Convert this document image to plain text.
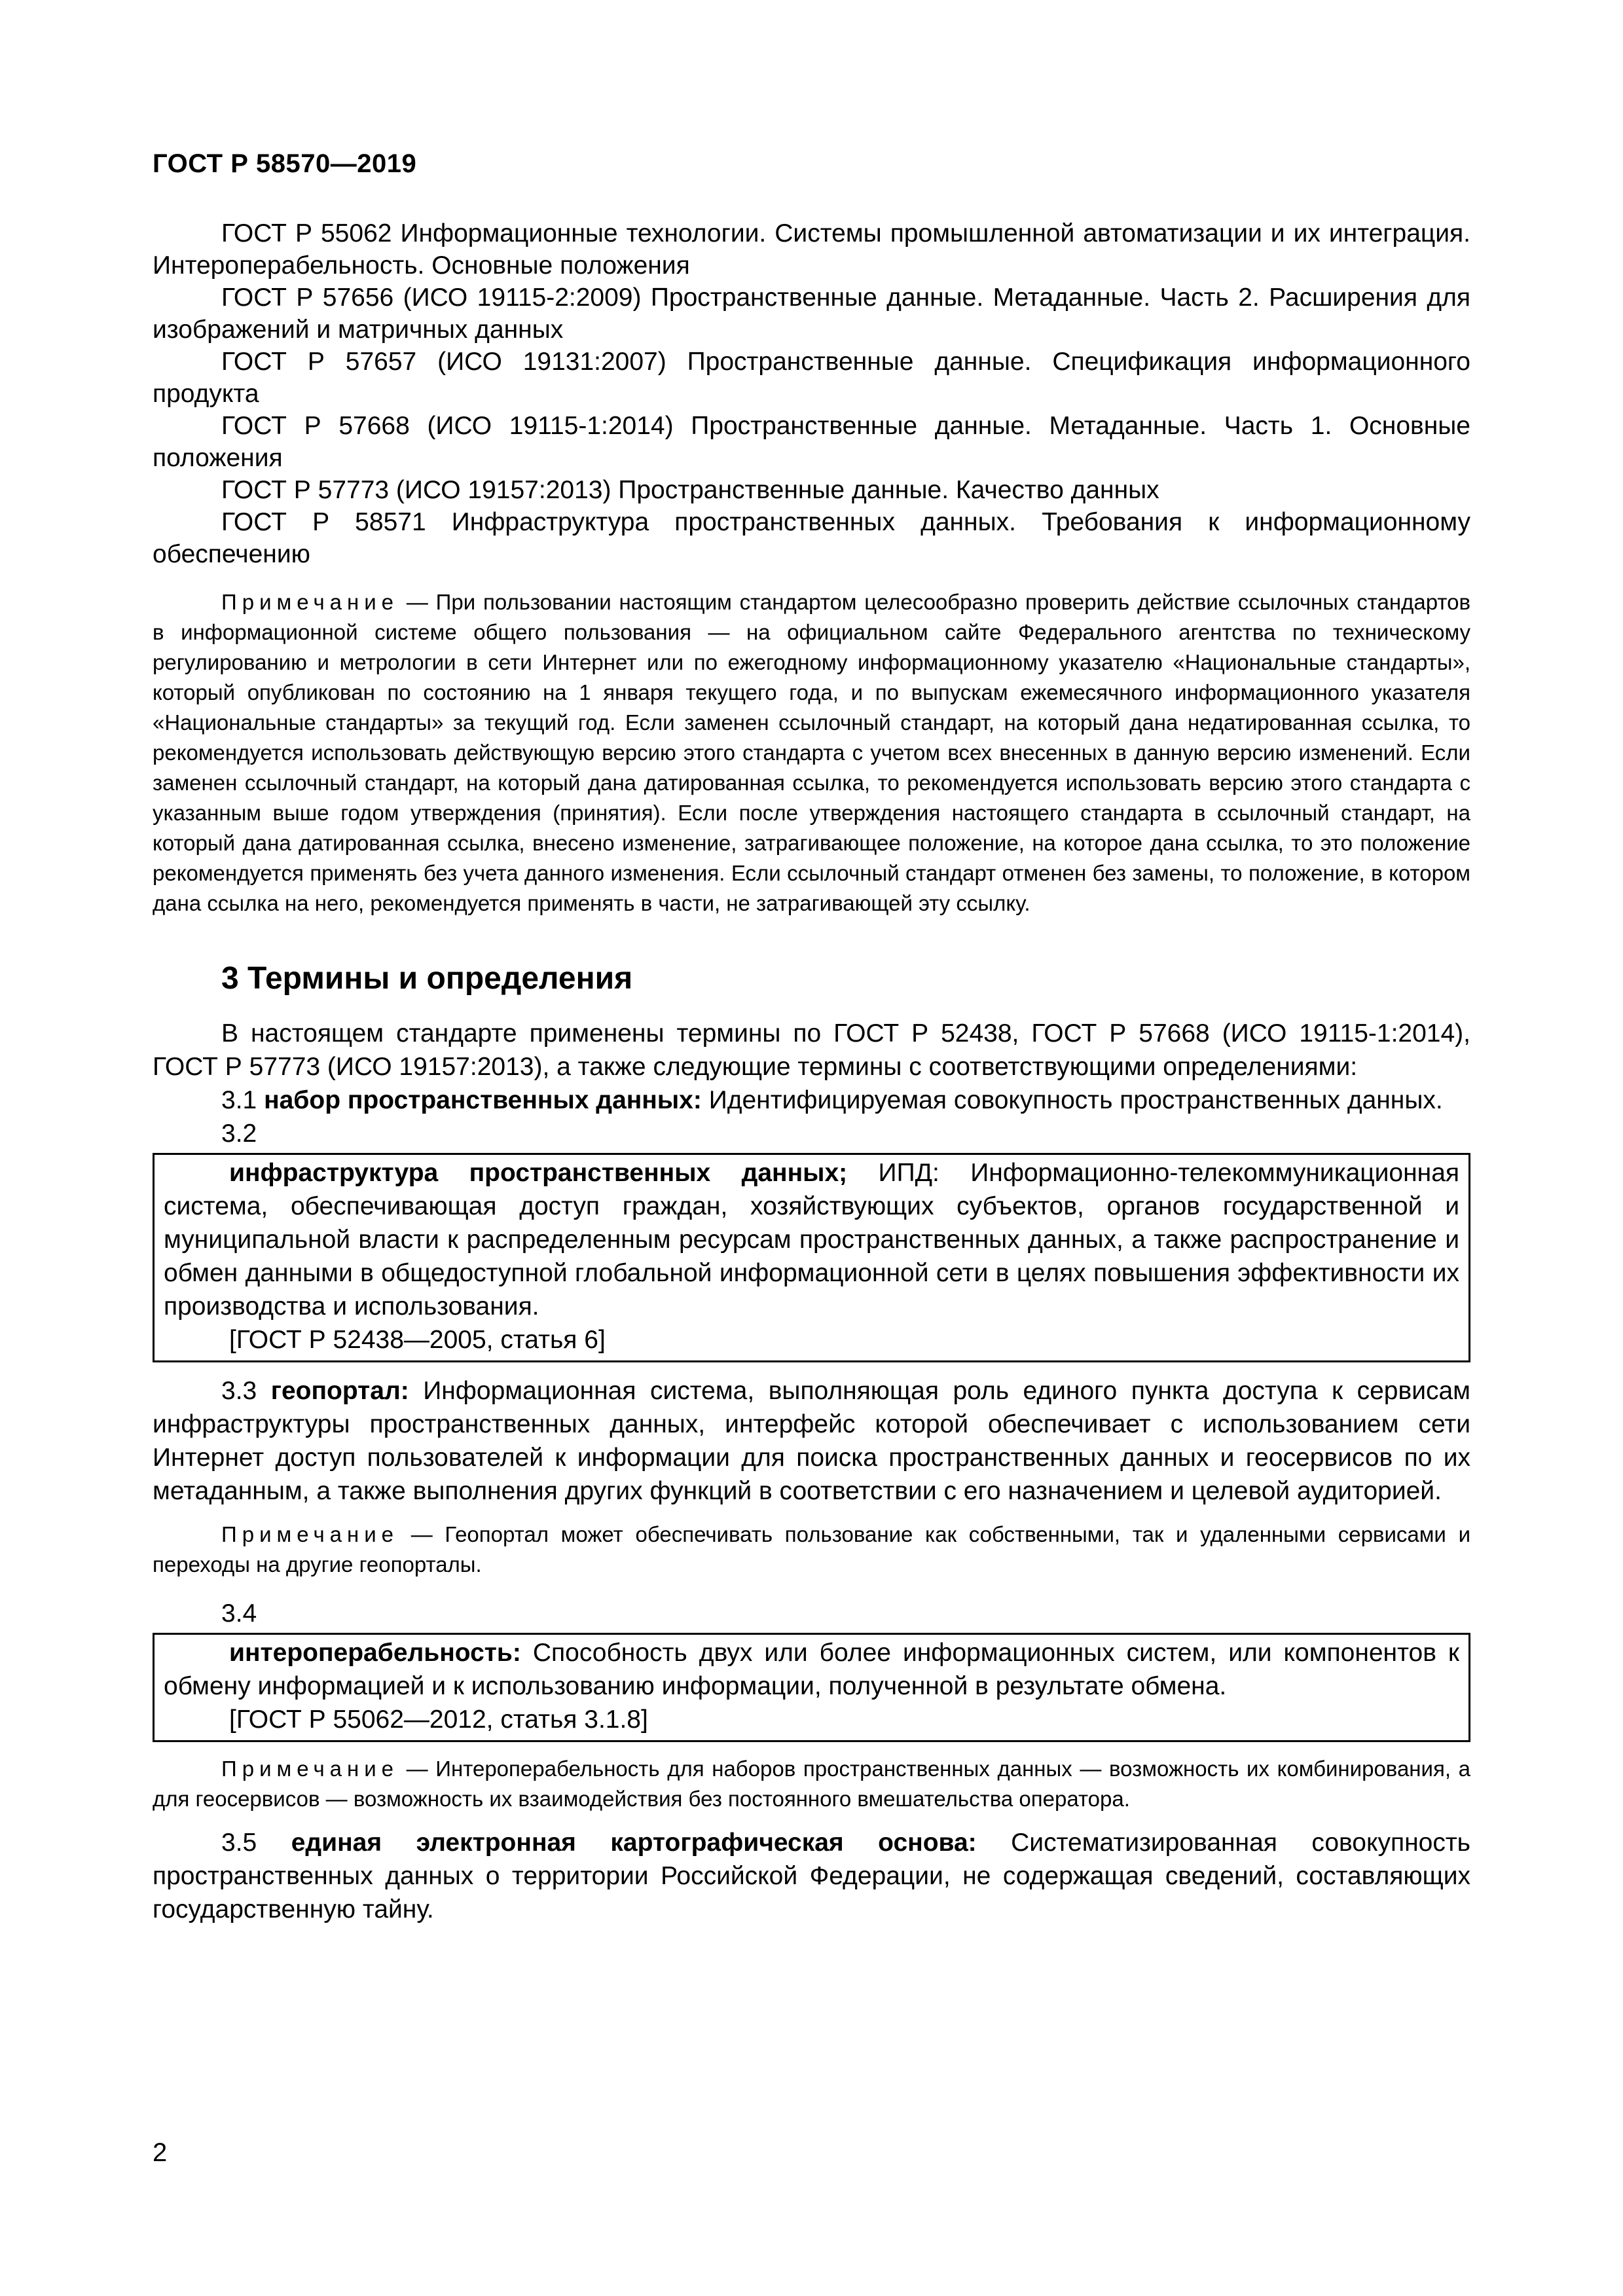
ГОСТ Р 58570—2019

ГОСТ Р 55062 Информационные технологии. Системы промышленной автоматизации и их интеграция. Интероперабельность. Основные положения

ГОСТ Р 57656 (ИСО 19115-2:2009) Пространственные данные. Метаданные. Часть 2. Расширения для изображений и матричных данных

ГОСТ Р 57657 (ИСО 19131:2007) Пространственные данные. Спецификация информационного продукта

ГОСТ Р 57668 (ИСО 19115-1:2014) Пространственные данные. Метаданные. Часть 1. Основные положения

ГОСТ Р 57773 (ИСО 19157:2013) Пространственные данные. Качество данных

ГОСТ Р 58571 Инфраструктура пространственных данных. Требования к информационному обеспечению

Примечание — При пользовании настоящим стандартом целесообразно проверить действие ссылочных стандартов в информационной системе общего пользования — на официальном сайте Федерального агентства по техническому регулированию и метрологии в сети Интернет или по ежегодному информационному указателю «Национальные стандарты», который опубликован по состоянию на 1 января текущего года, и по выпускам ежемесячного информационного указателя «Национальные стандарты» за текущий год. Если заменен ссылочный стандарт, на который дана недатированная ссылка, то рекомендуется использовать действующую версию этого стандарта с учетом всех внесенных в данную версию изменений. Если заменен ссылочный стандарт, на который дана датированная ссылка, то рекомендуется использовать версию этого стандарта с указанным выше годом утверждения (принятия). Если после утверждения настоящего стандарта в ссылочный стандарт, на который дана датированная ссылка, внесено изменение, затрагивающее положение, на которое дана ссылка, то это положение рекомендуется применять без учета данного изменения. Если ссылочный стандарт отменен без замены, то положение, в котором дана ссылка на него, рекомендуется применять в части, не затрагивающей эту ссылку.

3 Термины и определения

В настоящем стандарте применены термины по ГОСТ Р 52438, ГОСТ Р 57668 (ИСО 19115-1:2014), ГОСТ Р 57773 (ИСО 19157:2013), а также следующие термины с соответствующими определениями:

3.1 набор пространственных данных: Идентифицируемая совокупность пространственных данных.

3.2

инфраструктура пространственных данных; ИПД: Информационно-телекоммуникационная система, обеспечивающая доступ граждан, хозяйствующих субъектов, органов государственной и муниципальной власти к распределенным ресурсам пространственных данных, а также распространение и обмен данными в общедоступной глобальной информационной сети в целях повышения эффективности их производства и использования.

[ГОСТ Р 52438—2005, статья 6]

3.3 геопортал: Информационная система, выполняющая роль единого пункта доступа к сервисам инфраструктуры пространственных данных, интерфейс которой обеспечивает с использованием сети Интернет доступ пользователей к информации для поиска пространственных данных и геосервисов по их метаданным, а также выполнения других функций в соответствии с его назначением и целевой аудиторией.

Примечание — Геопортал может обеспечивать пользование как собственными, так и удаленными сервисами и переходы на другие геопорталы.

3.4

интероперабельность: Способность двух или более информационных систем, или компонентов к обмену информацией и к использованию информации, полученной в результате обмена.

[ГОСТ Р 55062—2012, статья 3.1.8]

Примечание — Интероперабельность для наборов пространственных данных — возможность их комбинирования, а для геосервисов — возможность их взаимодействия без постоянного вмешательства оператора.

3.5 единая электронная картографическая основа: Систематизированная совокупность пространственных данных о территории Российской Федерации, не содержащая сведений, составляющих государственную тайну.

2
